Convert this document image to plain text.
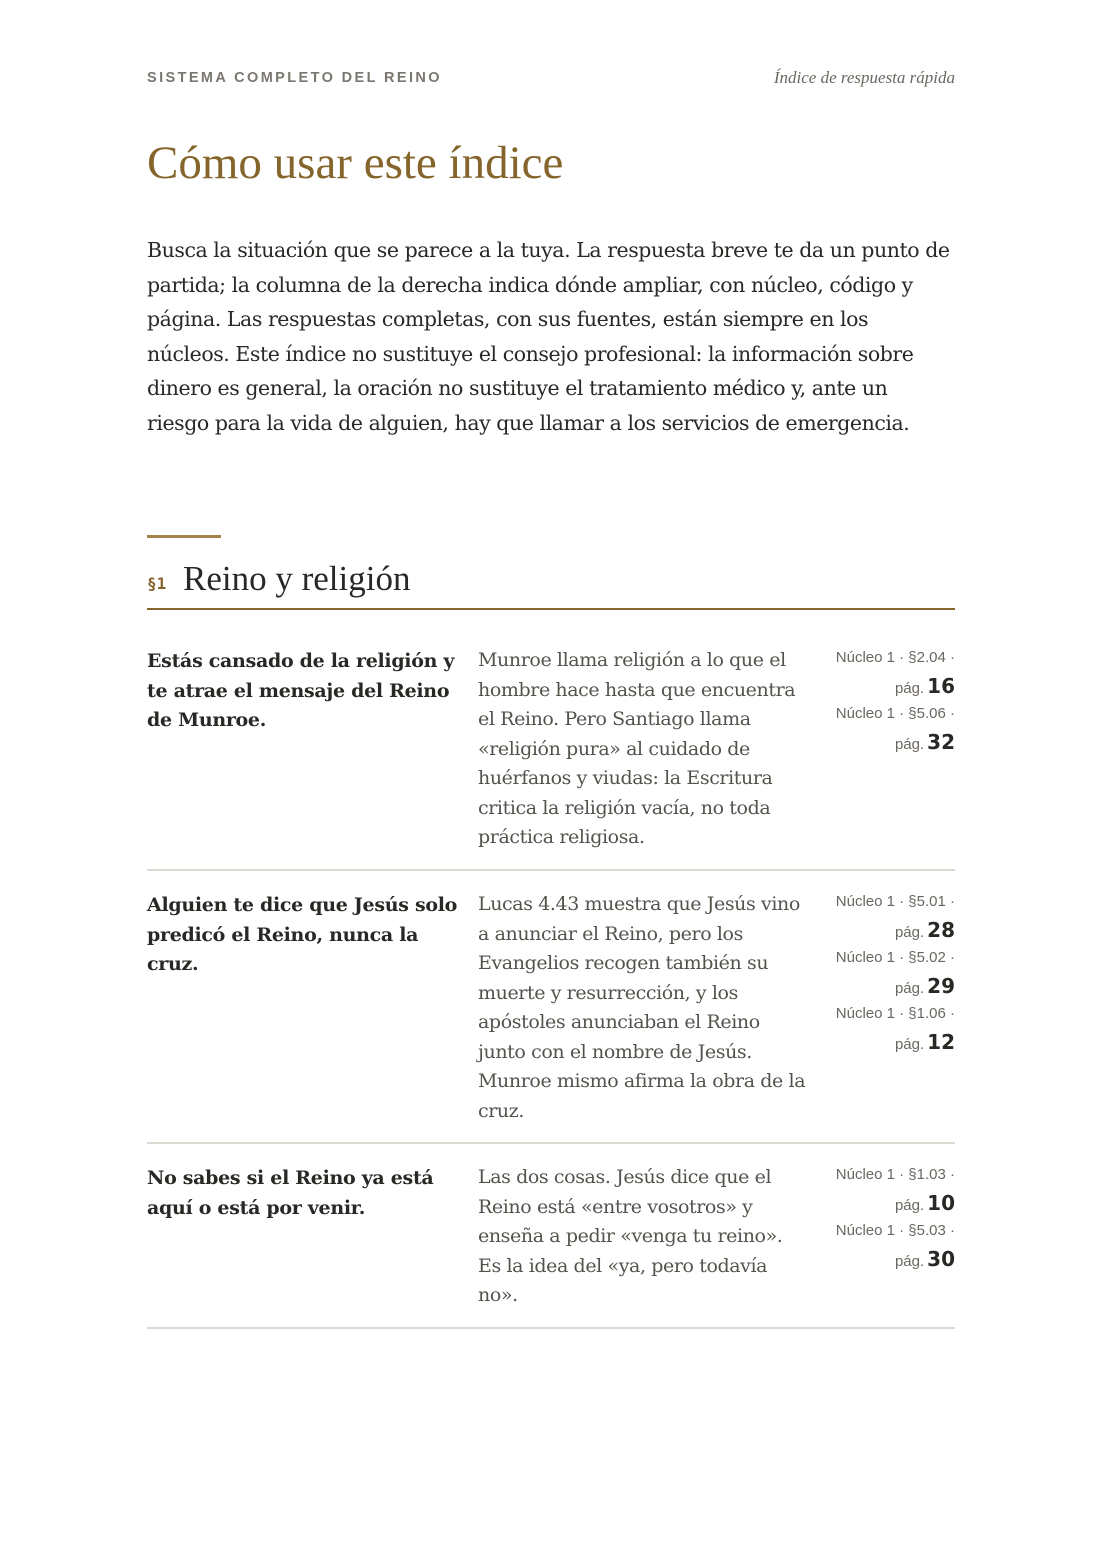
SISTEMA COMPLETO DEL REINO	Índice de respuesta rápida
Cómo usar este índice

Busca la situación que se parece a la tuya. La respuesta breve te da un punto de partida; la columna de la derecha indica dónde ampliar, con núcleo, código y página. Las respuestas completas, con sus fuentes, están siempre en los núcleos. Este índice no sustituye el consejo profesional: la información sobre dinero es general, la oración no sustituye el tratamiento médico y, ante un riesgo para la vida de alguien, hay que llamar a los servicios de emergencia.

§1 Reino y religión
Estás cansado de la religión y te atrae el mensaje del Reino de Munroe.
Munroe llama religión a lo que el hombre hace hasta que encuentra el Reino. Pero Santiago llama «religión pura» al cuidado de huérfanos y viudas: la Escritura critica la religión vacía, no toda práctica religiosa.
Núcleo 1 · §2.04 ·
pág. 16
Núcleo 1 · §5.06 ·
pág. 32
Alguien te dice que Jesús solo predicó el Reino, nunca la cruz.
Lucas 4.43 muestra que Jesús vino a anunciar el Reino, pero los Evangelios recogen también su muerte y resurrección, y los apóstoles anunciaban el Reino junto con el nombre de Jesús. Munroe mismo afirma la obra de la cruz.
Núcleo 1 · §5.01 ·
pág. 28
Núcleo 1 · §5.02 ·
pág. 29
Núcleo 1 · §1.06 ·
pág. 12
No sabes si el Reino ya está aquí o está por venir.
Las dos cosas. Jesús dice que el Reino está «entre vosotros» y enseña a pedir «venga tu reino». Es la idea del «ya, pero todavía no».
Núcleo 1 · §1.03 ·
pág. 10
Núcleo 1 · §5.03 ·
pág. 30
